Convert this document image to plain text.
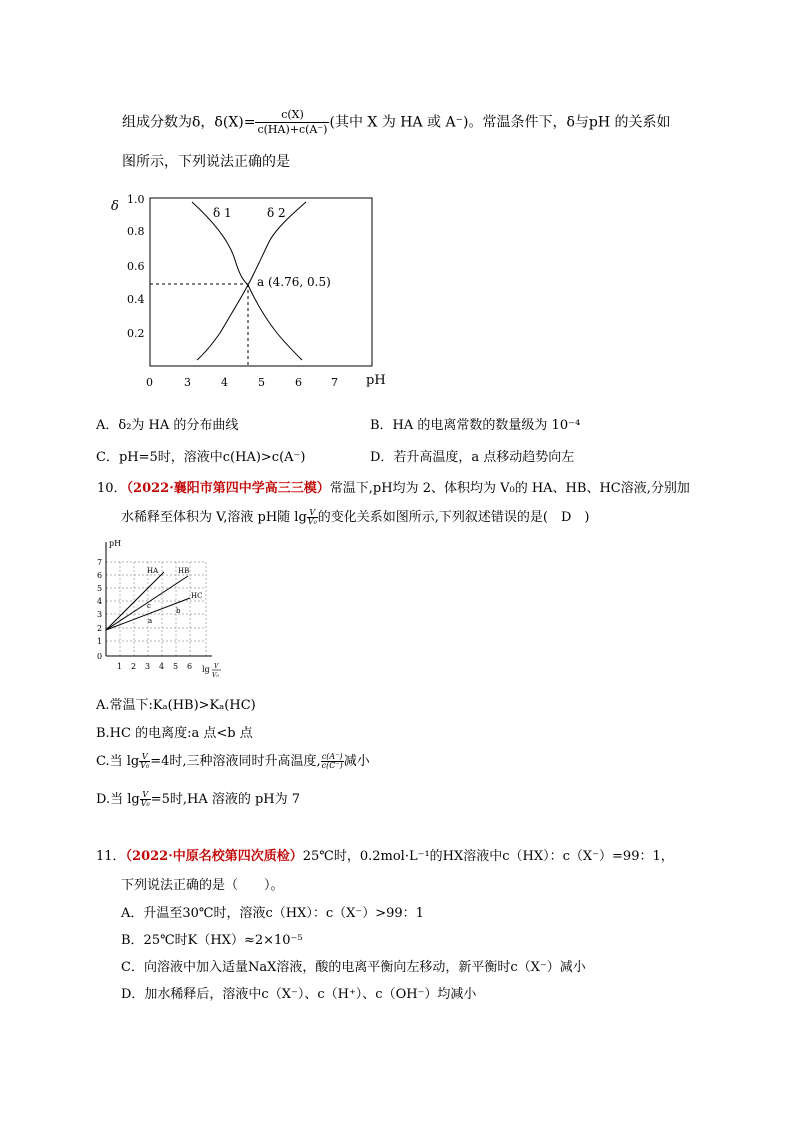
组成分数为δ，$\delta(X)= \frac{c(X)}{c(HA)+c(A^-)}$ (其中 X 为 HA 或 A⁻)。常温条件下，δ与pH 的关系如
图所示，下列说法正确的是
δ
pH
1.0
0.8
0.6
0.4
0.2
0	3	4	5	6	7
δ 1	δ 2
a (4.76, 0.5)
A．δ₂为 HA 的分布曲线	B．HA 的电离常数的数量级为 10⁻⁴
C．pH=5时，溶液中c(HA)>c(A⁻)	D．若升高温度，a 点移动趋势向左
10．（2022·襄阳市第四中学高三三模）常温下,pH均为 2、体积均为 V₀的 HA、HB、HC溶液,分别加
水稀释至体积为 V,溶液 pH随 $\lg \frac{V}{\text{V₀}}$ 的变化关系如图所示,下列叙述错误的是(　D　)
pH
7
6
5
4
3
2
1
0
1 2 3 4 5 6 lg V
V₀
HA	HB
HC
a
b
c
A.常温下:Kₐ(HB)>Kₐ(HC)
B.HC 的电离度:a 点<b 点
C.当 $\lg \frac{V}{\text{V₀}} =4$时,三种溶液同时升高温度, $\frac{c(A^-)}{c(C^-)}$ 减小
D.当 $\lg \frac{V}{\text{V₀}} =5$时,HA 溶液的 pH为 7
11．（2022·中原名校第四次质检）25℃时，0.2mol·L⁻¹的HX溶液中c（HX）：c（X⁻）=99：1，
下列说法正确的是（　　）。
A．升温至30℃时，溶液c（HX）：c（X⁻）>99：1
B．25℃时K（HX）≈2×10⁻⁵
C．向溶液中加入适量NaX溶液，酸的电离平衡向左移动，新平衡时c（X⁻）减小
D．加水稀释后，溶液中c（X⁻）、c（H⁺）、c（OH⁻）均减小
